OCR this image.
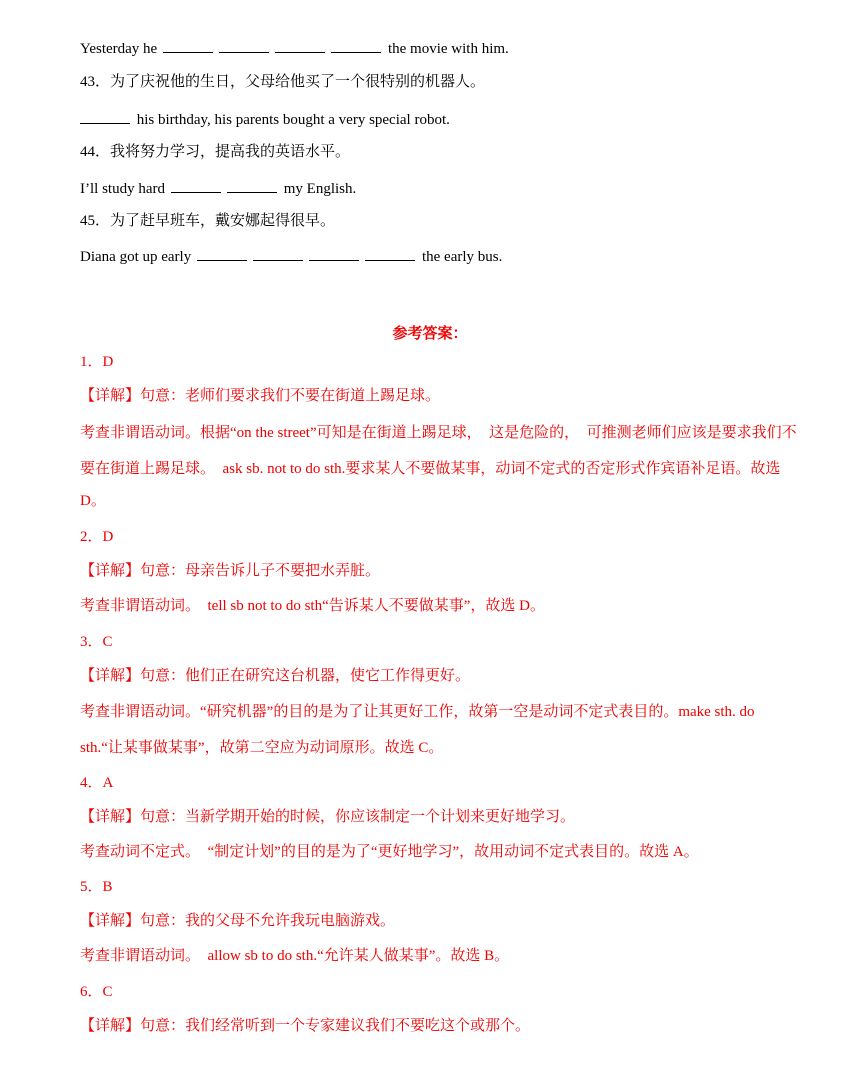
Yesterday he	the movie with him.
43．为了庆祝他的生日，父母给他买了一个很特别的机器人。
his birthday, his parents bought a very special robot.
44．我将努力学习，提高我的英语水平。
I’ll study hard	my English.
45．为了赶早班车，戴安娜起得很早。
Diana got up early	the early bus.
参考答案：
1．D
【详解】句意：老师们要求我们不要在街道上踢足球。
考查非谓语动词。根据“on the street”可知是在街道上踢足球，　这是危险的，　可推测老师们应该是要求我们不
要在街道上踢足球。　ask sb. not to do sth.要求某人不要做某事，动词不定式的否定形式作宾语补足语。故选
D。
2．D
【详解】句意：母亲告诉儿子不要把水弄脏。
考查非谓语动词。　tell sb not to do sth“告诉某人不要做某事”，故选 D。
3．C
【详解】句意：他们正在研究这台机器，使它工作得更好。
考查非谓语动词。“研究机器”的目的是为了让其更好工作，故第一空是动词不定式表目的。make sth. do
sth.“让某事做某事”，故第二空应为动词原形。故选 C。
4．A
【详解】句意：当新学期开始的时候，你应该制定一个计划来更好地学习。
考查动词不定式。　“制定计划”的目的是为了“更好地学习”，故用动词不定式表目的。故选 A。
5．B
【详解】句意：我的父母不允许我玩电脑游戏。
考查非谓语动词。　allow sb to do sth.“允许某人做某事”。故选 B。
6．C
【详解】句意：我们经常听到一个专家建议我们不要吃这个或那个。
